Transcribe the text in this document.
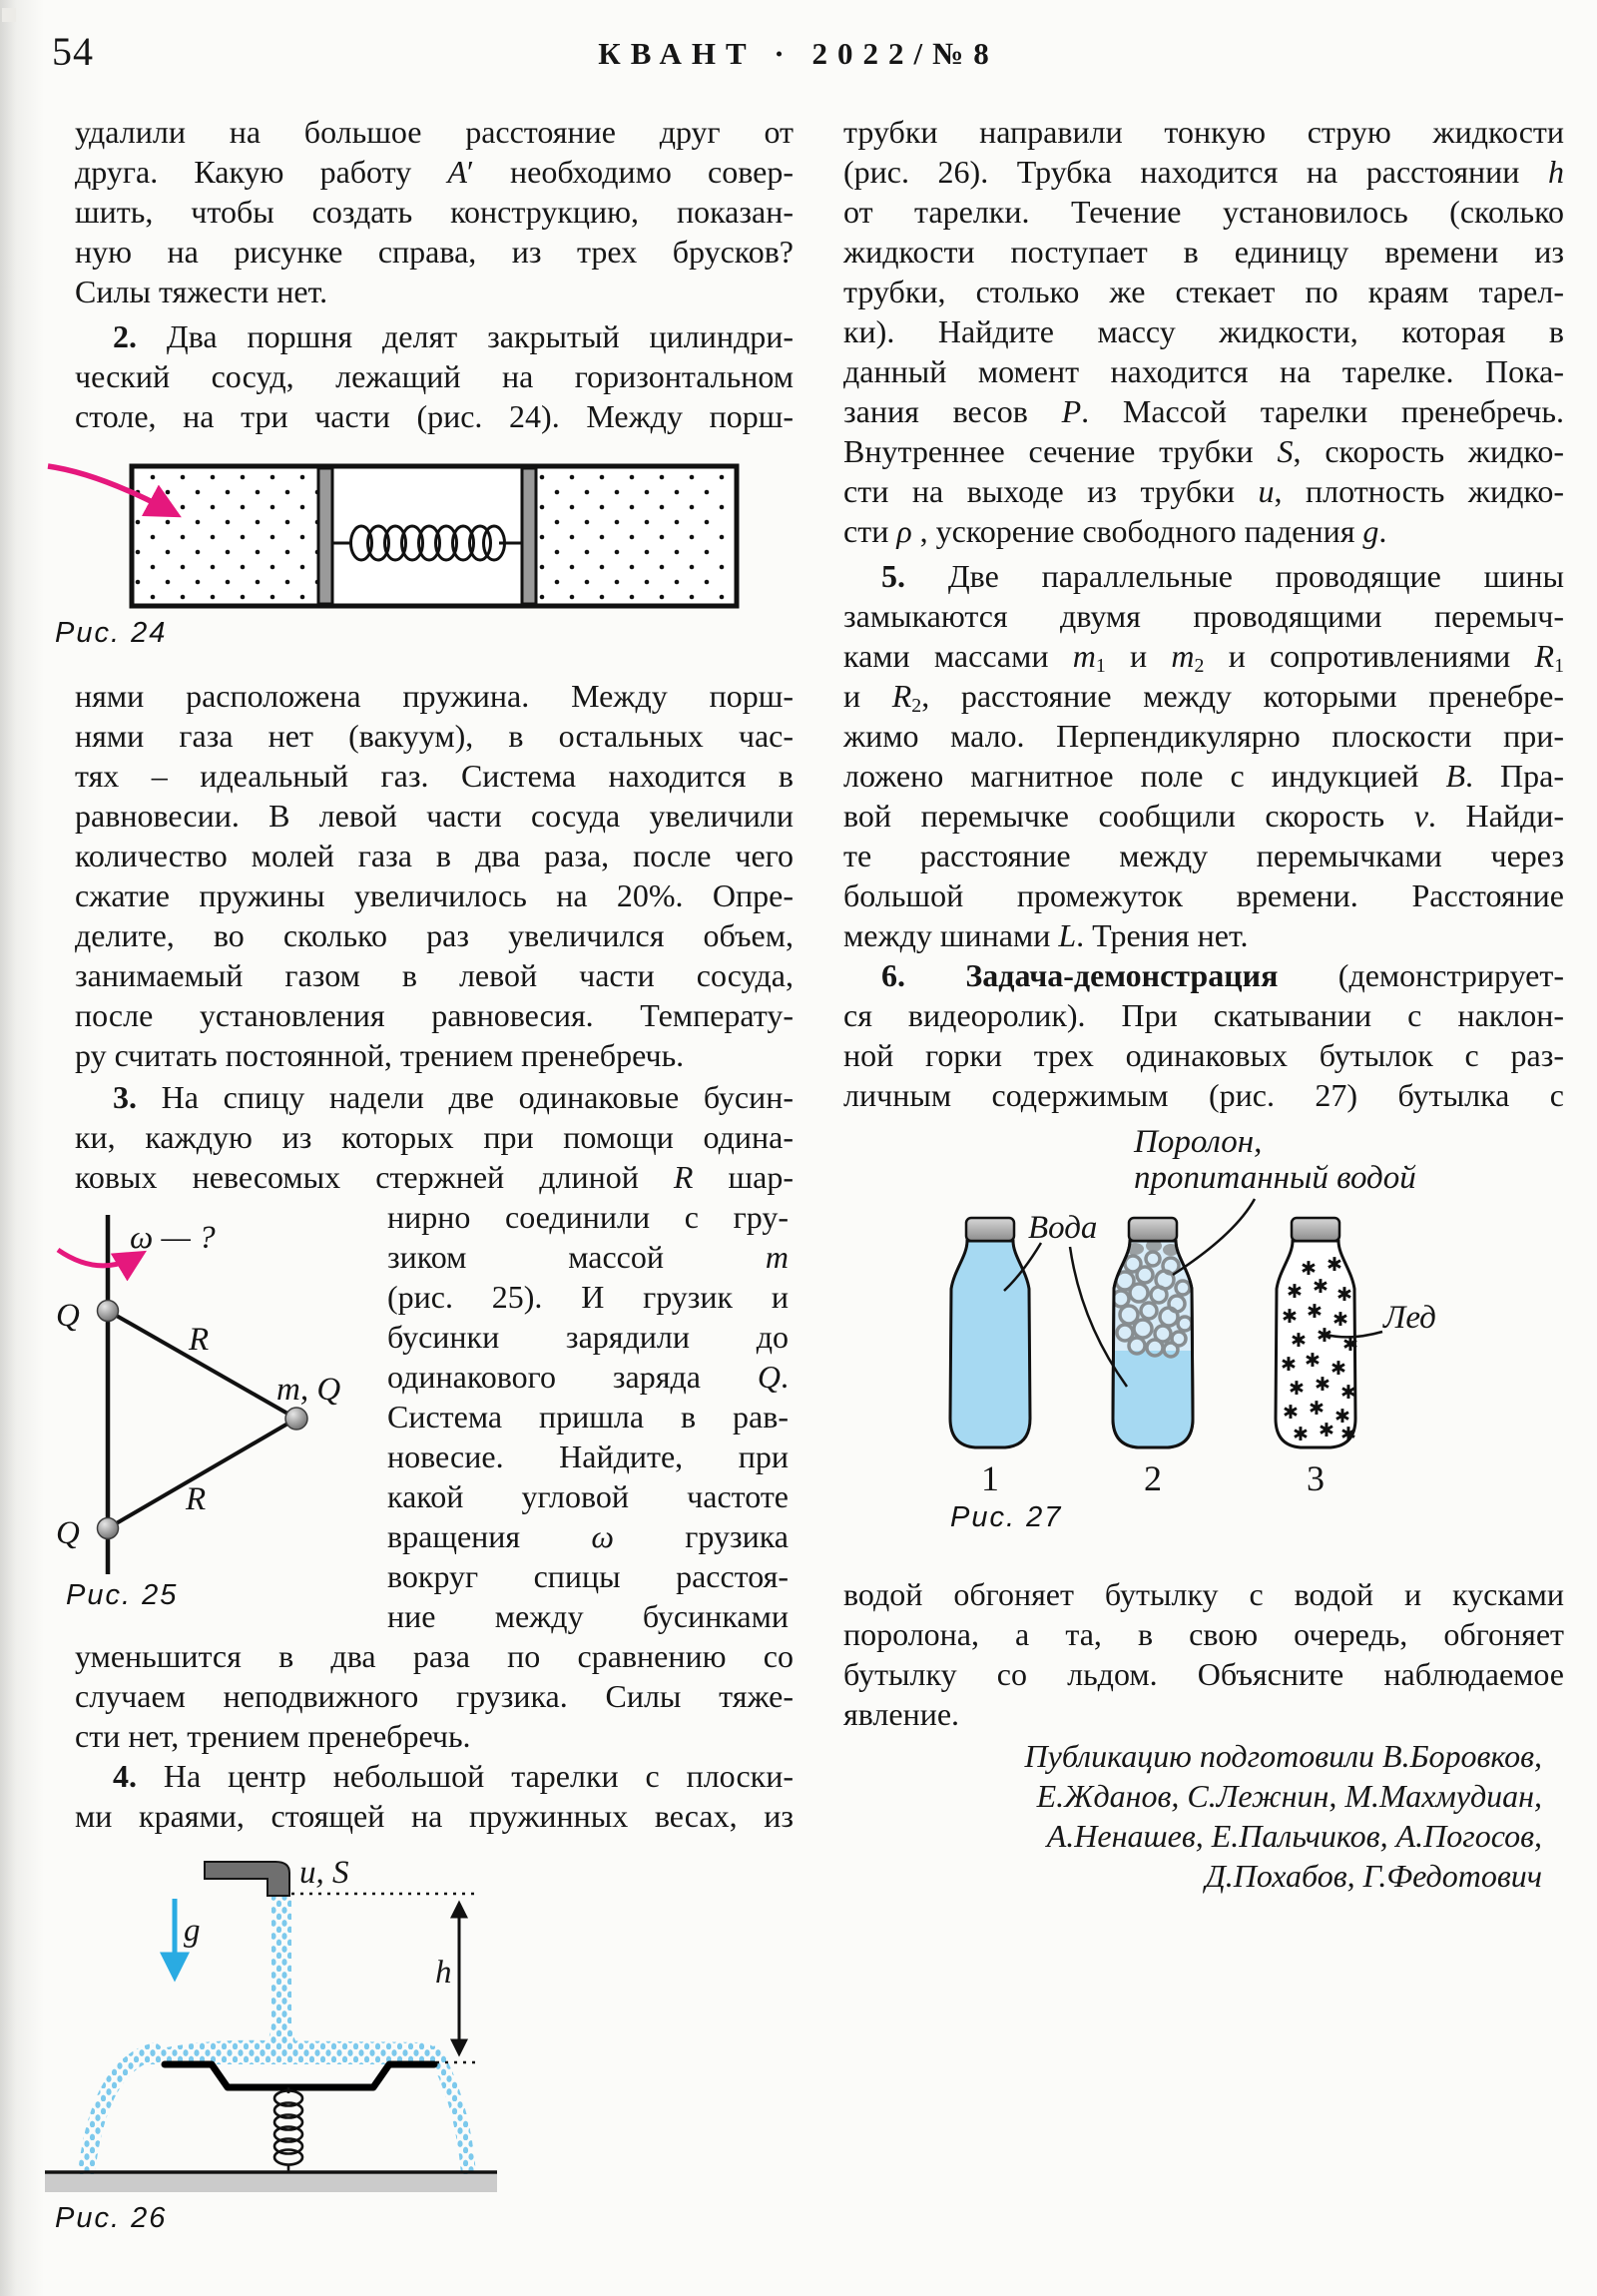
54	КВАНТ · 2022/№8
удалили на большое расстояние друг от
друга. Какую работу A′ необходимо совер-
шить, чтобы создать конструкцию, показан-
ную на рисунке справа, из трех брусков?
Силы тяжести нет.
2. Два поршня делят закрытый цилиндри-
ческий сосуд, лежащий на горизонтальном
столе, на три части (рис. 24). Между порш-
Рис. 24
нями расположена пружина. Между порш-
нями газа нет (вакуум), в остальных час-
тях – идеальный газ. Система находится в
равновесии. В левой части сосуда увеличили
количество молей газа в два раза, после чего
сжатие пружины увеличилось на 20%. Опре-
делите, во сколько раз увеличился объем,
занимаемый газом в левой части сосуда,
после установления равновесия. Температу-
ру считать постоянной, трением пренебречь.
3. На спицу надели две одинаковые бусин-
ки, каждую из которых при помощи одина-
ковых невесомых стержней длиной R шар-
нирно соединили с гру-
зиком массой m
(рис. 25). И грузик и
бусинки зарядили до
одинакового заряда Q.
Система пришла в рав-
новесие. Найдите, при
какой угловой частоте
вращения ω грузика
вокруг спицы расстоя-
ние между бусинками
ω — ?
Q
Q
R
R
m, Q
Рис. 25
уменьшится в два раза по сравнению со
случаем неподвижного грузика. Силы тяже-
сти нет, трением пренебречь.
4. На центр небольшой тарелки с плоски-
ми краями, стоящей на пружинных весах, из
u, S
g
h
Рис. 26
трубки направили тонкую струю жидкости
(рис. 26). Трубка находится на расстоянии h
от тарелки. Течение установилось (сколько
жидкости поступает в единицу времени из
трубки, столько же стекает по краям тарел-
ки). Найдите массу жидкости, которая в
данный момент находится на тарелке. Пока-
зания весов P. Массой тарелки пренебречь.
Внутреннее сечение трубки S, скорость жидко-
сти на выходе из трубки u, плотность жидко-
сти ρ , ускорение свободного падения g.
5. Две параллельные проводящие шины
замыкаются двумя проводящими перемыч-
ками массами $m_1$ и $m_2$ и сопротивлениями $R_1$
и $R_2$, расстояние между которыми пренебре-
жимо мало. Перпендикулярно плоскости при-
ложено магнитное поле с индукцией B. Пра-
вой перемычке сообщили скорость v. Найди-
те расстояние между перемычками через
большой промежуток времени. Расстояние
между шинами L. Трения нет.
6. Задача-демонстрация (демонстрирует-
ся видеоролик). При скатывании с наклон-
ной горки трех одинаковых бутылок с раз-
личным содержимым (рис. 27) бутылка с
✱ ✱
✱ ✱ ✱
✱ ✱ ✱
✱ ✱ ✱
✱ ✱ ✱
✱ ✱ ✱
✱ ✱ ✱
✱ ✱ ✱
1	2	3
Поролон,
пропитанный водой
Вода
Лед
Рис. 27
водой обгоняет бутылку с водой и кусками
поролона, а та, в свою очередь, обгоняет
бутылку со льдом. Объясните наблюдаемое
явление.
Публикацию подготовили В.Боровков,
Е.Жданов, С.Лежнин, М.Махмудиан,
А.Ненашев, Е.Пальчиков, А.Погосов,
Д.Похабов, Г.Федотович
